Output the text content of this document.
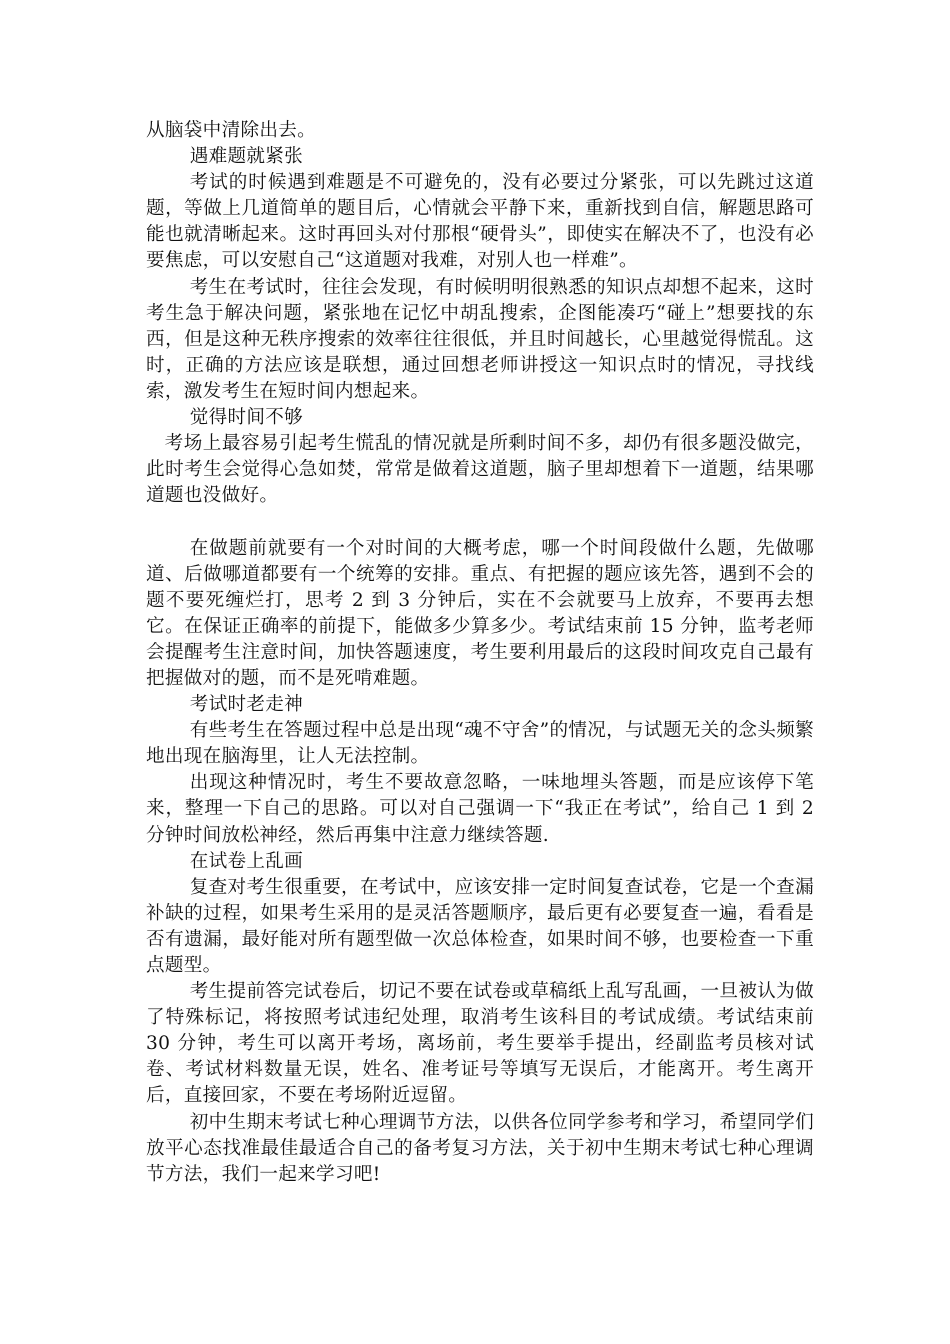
从脑袋中清除出去。

遇难题就紧张

考试的时候遇到难题是不可避免的，没有必要过分紧张，可以先跳过这道题，等做上几道简单的题目后，心情就会平静下来，重新找到自信，解题思路可能也就清晰起来。这时再回头对付那根“硬骨头”，即使实在解决不了，也没有必要焦虑，可以安慰自己“这道题对我难，对别人也一样难”。

考生在考试时，往往会发现，有时候明明很熟悉的知识点却想不起来，这时考生急于解决问题，紧张地在记忆中胡乱搜索，企图能凑巧“碰上”想要找的东西，但是这种无秩序搜索的效率往往很低，并且时间越长，心里越觉得慌乱。这时，正确的方法应该是联想，通过回想老师讲授这一知识点时的情况，寻找线索，激发考生在短时间内想起来。

觉得时间不够

考场上最容易引起考生慌乱的情况就是所剩时间不多，却仍有很多题没做完，此时考生会觉得心急如焚，常常是做着这道题，脑子里却想着下一道题，结果哪道题也没做好。

在做题前就要有一个对时间的大概考虑，哪一个时间段做什么题，先做哪道、后做哪道都要有一个统筹的安排。重点、有把握的题应该先答，遇到不会的题不要死缠烂打，思考 2 到 3 分钟后，实在不会就要马上放弃，不要再去想它。在保证正确率的前提下，能做多少算多少。考试结束前 15 分钟，监考老师会提醒考生注意时间，加快答题速度，考生要利用最后的这段时间攻克自己最有把握做对的题，而不是死啃难题。

考试时老走神

有些考生在答题过程中总是出现“魂不守舍”的情况，与试题无关的念头频繁地出现在脑海里，让人无法控制。

出现这种情况时，考生不要故意忽略，一味地埋头答题，而是应该停下笔来，整理一下自己的思路。可以对自己强调一下“我正在考试”，给自己 1 到 2 分钟时间放松神经，然后再集中注意力继续答题.

在试卷上乱画

复查对考生很重要，在考试中，应该安排一定时间复查试卷，它是一个查漏补缺的过程，如果考生采用的是灵活答题顺序，最后更有必要复查一遍，看看是否有遗漏，最好能对所有题型做一次总体检查，如果时间不够，也要检查一下重点题型。

考生提前答完试卷后，切记不要在试卷或草稿纸上乱写乱画，一旦被认为做了特殊标记，将按照考试违纪处理，取消考生该科目的考试成绩。考试结束前 30 分钟，考生可以离开考场，离场前，考生要举手提出，经副监考员核对试卷、考试材料数量无误，姓名、准考证号等填写无误后，才能离开。考生离开后，直接回家，不要在考场附近逗留。

初中生期末考试七种心理调节方法，以供各位同学参考和学习，希望同学们放平心态找准最佳最适合自己的备考复习方法，关于初中生期末考试七种心理调节方法，我们一起来学习吧!
